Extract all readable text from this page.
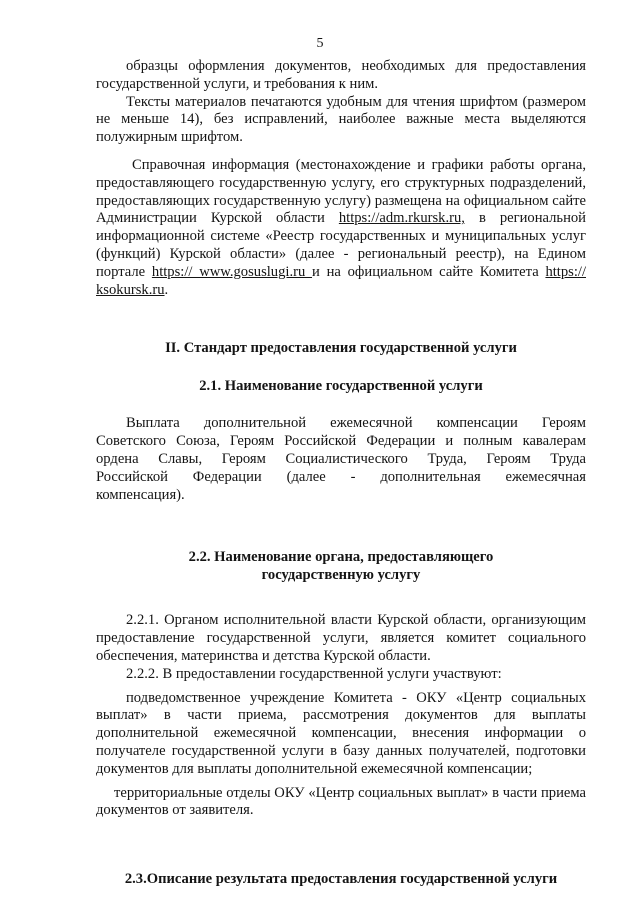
5

образцы оформления документов, необходимых для предоставления государственной услуги, и требования к ним.

Тексты материалов печатаются удобным для чтения шрифтом (размером не меньше 14), без исправлений, наиболее важные места выделяются полужирным шрифтом.

Справочная информация (местонахождение и графики работы органа, предоставляющего государственную услугу, его структурных подразделений, предоставляющих государственную услугу) размещена на официальном сайте Администрации Курской области https://adm.rkursk.ru, в региональной информационной системе «Реестр государственных и муниципальных услуг (функций) Курской области» (далее - региональный реестр), на Едином портале https:// www.gosuslugi.ru и на официальном сайте Комитета https:// ksokursk.ru.

II. Стандарт предоставления государственной услуги
2.1. Наименование государственной услуги

Выплата дополнительной ежемесячной компенсации Героям Советского Союза, Героям Российской Федерации и полным кавалерам ордена Славы, Героям Социалистического Труда, Героям Труда Российской Федерации (далее - дополнительная ежемесячная компенсация).

2.2. Наименование органа, предоставляющего государственную услугу

2.2.1. Органом исполнительной власти Курской области, организующим предоставление государственной услуги, является комитет социального обеспечения, материнства и детства Курской области.

2.2.2. В предоставлении государственной услуги участвуют:

подведомственное учреждение Комитета - ОКУ «Центр социальных выплат» в части приема, рассмотрения документов для выплаты дополнительной ежемесячной компенсации, внесения информации о получателе государственной услуги в базу данных получателей, подготовки документов для выплаты дополнительной ежемесячной компенсации;

территориальные отделы ОКУ «Центр социальных выплат» в части приема документов от заявителя.

2.3.Описание результата предоставления государственной услуги
